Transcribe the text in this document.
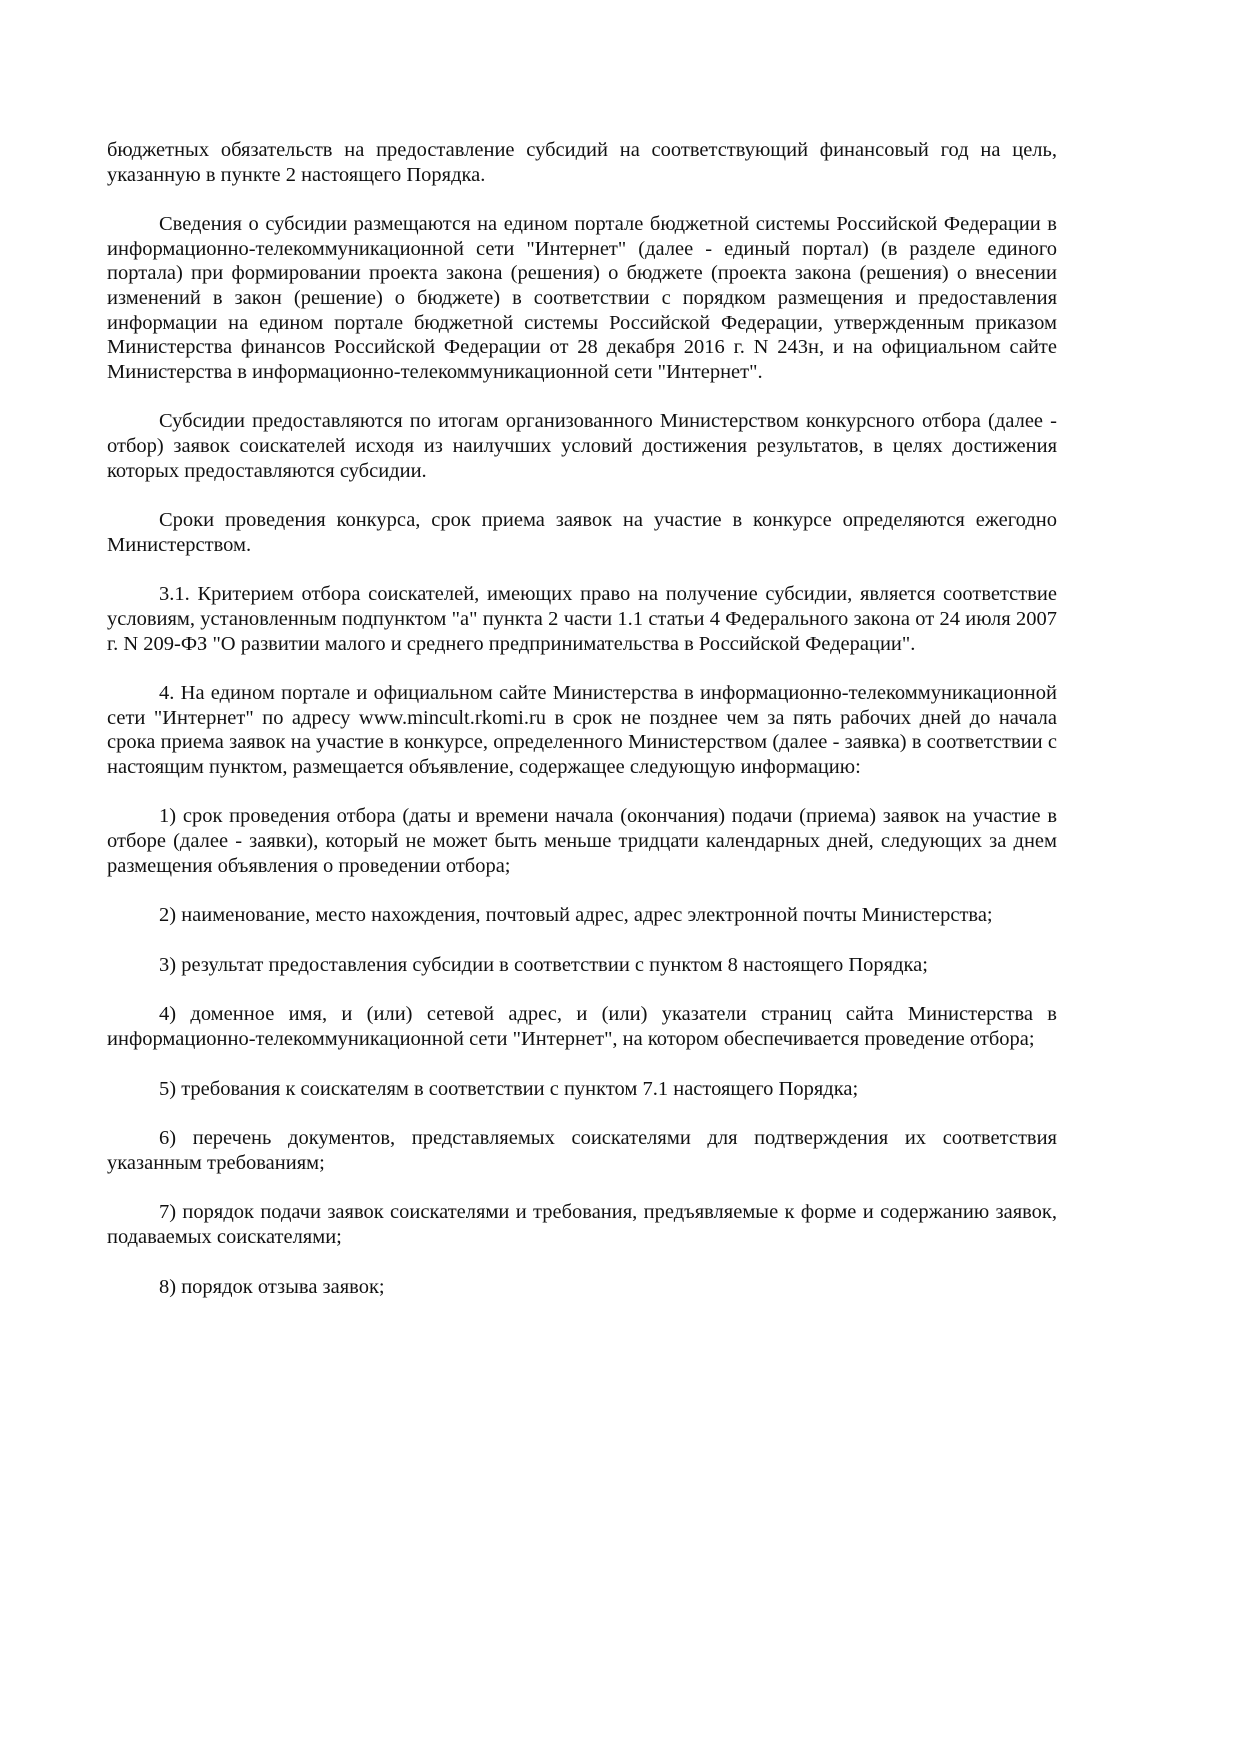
бюджетных обязательств на предоставление субсидий на соответствующий финансовый год на цель, указанную в пункте 2 настоящего Порядка.

Сведения о субсидии размещаются на едином портале бюджетной системы Российской Федерации в информационно-телекоммуникационной сети "Интернет" (далее - единый портал) (в разделе единого портала) при формировании проекта закона (решения) о бюджете (проекта закона (решения) о внесении изменений в закон (решение) о бюджете) в соответствии с порядком размещения и предоставления информации на едином портале бюджетной системы Российской Федерации, утвержденным приказом Министерства финансов Российской Федерации от 28 декабря 2016 г. N 243н, и на официальном сайте Министерства в информационно-телекоммуникационной сети "Интернет".

Субсидии предоставляются по итогам организованного Министерством конкурсного отбора (далее - отбор) заявок соискателей исходя из наилучших условий достижения результатов, в целях достижения которых предоставляются субсидии.

Сроки проведения конкурса, срок приема заявок на участие в конкурсе определяются ежегодно Министерством.

3.1. Критерием отбора соискателей, имеющих право на получение субсидии, является соответствие условиям, установленным подпунктом "а" пункта 2 части 1.1 статьи 4 Федерального закона от 24 июля 2007 г. N 209-ФЗ "О развитии малого и среднего предпринимательства в Российской Федерации".

4. На едином портале и официальном сайте Министерства в информационно-телекоммуникационной сети "Интернет" по адресу www.mincult.rkomi.ru в срок не позднее чем за пять рабочих дней до начала срока приема заявок на участие в конкурсе, определенного Министерством (далее - заявка) в соответствии с настоящим пунктом, размещается объявление, содержащее следующую информацию:

1) срок проведения отбора (даты и времени начала (окончания) подачи (приема) заявок на участие в отборе (далее - заявки), который не может быть меньше тридцати календарных дней, следующих за днем размещения объявления о проведении отбора;

2) наименование, место нахождения, почтовый адрес, адрес электронной почты Министерства;

3) результат предоставления субсидии в соответствии с пунктом 8 настоящего Порядка;

4) доменное имя, и (или) сетевой адрес, и (или) указатели страниц сайта Министерства в информационно-телекоммуникационной сети "Интернет", на котором обеспечивается проведение отбора;

5) требования к соискателям в соответствии с пунктом 7.1 настоящего Порядка;

6) перечень документов, представляемых соискателями для подтверждения их соответствия указанным требованиям;

7) порядок подачи заявок соискателями и требования, предъявляемые к форме и содержанию заявок, подаваемых соискателями;

8) порядок отзыва заявок;
